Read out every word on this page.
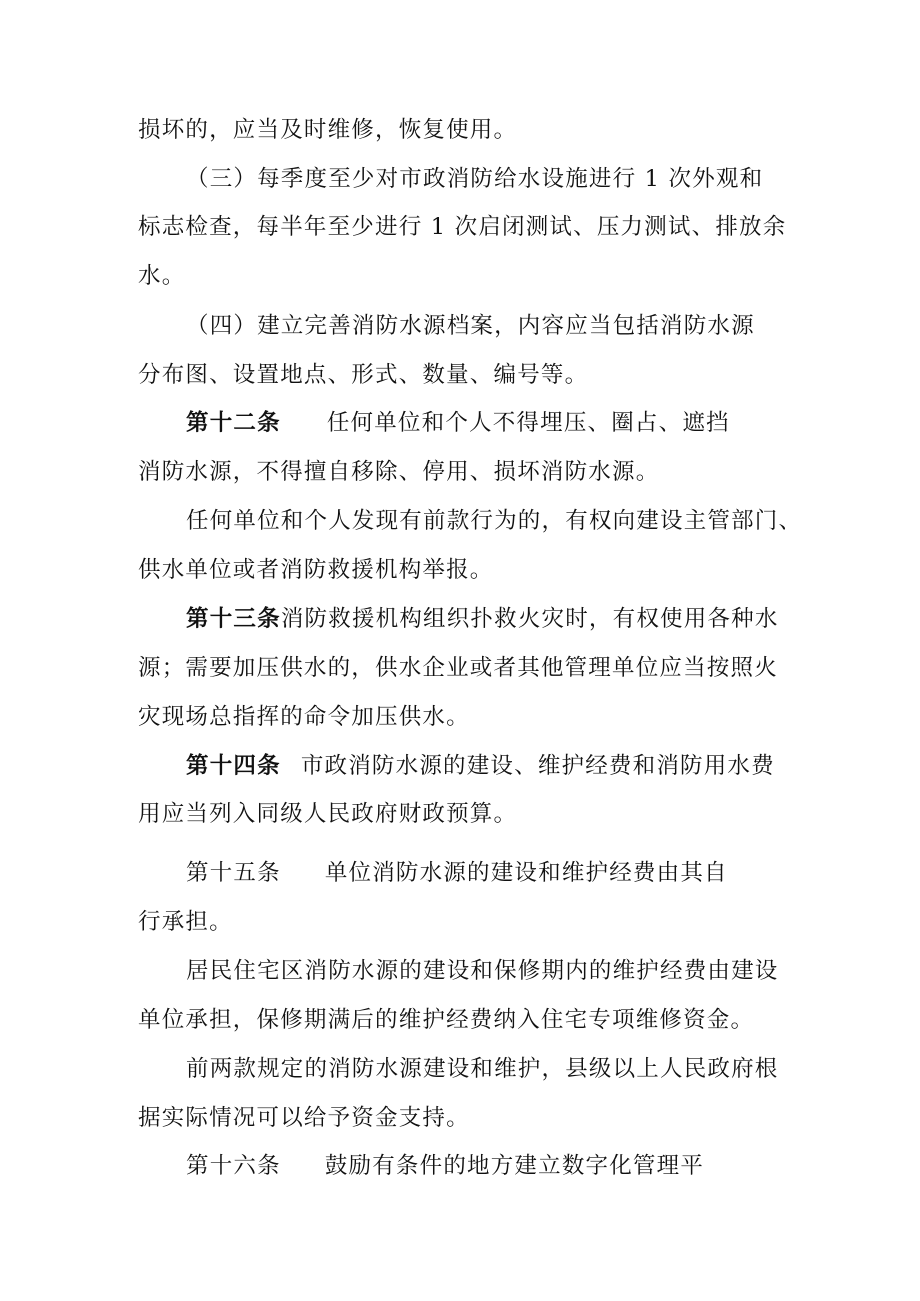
损坏的，应当及时维修，恢复使用。
（三）每季度至少对市政消防给水设施进行 1 次外观和
标志检查，每半年至少进行 1 次启闭测试、压力测试、排放余
水。
（四）建立完善消防水源档案，内容应当包括消防水源
分布图、设置地点、形式、数量、编号等。
第十二条 任何单位和个人不得埋压、圈占、遮挡
消防水源，不得擅自移除、停用、损坏消防水源。
任何单位和个人发现有前款行为的，有权向建设主管部门、
供水单位或者消防救援机构举报。
第十三条消防救援机构组织扑救火灾时，有权使用各种水
源；需要加压供水的，供水企业或者其他管理单位应当按照火
灾现场总指挥的命令加压供水。
第十四条 市政消防水源的建设、维护经费和消防用水费
用应当列入同级人民政府财政预算。
第十五条 单位消防水源的建设和维护经费由其自
行承担。
居民住宅区消防水源的建设和保修期内的维护经费由建设
单位承担，保修期满后的维护经费纳入住宅专项维修资金。
前两款规定的消防水源建设和维护，县级以上人民政府根
据实际情况可以给予资金支持。
第十六条 鼓励有条件的地方建立数字化管理平
